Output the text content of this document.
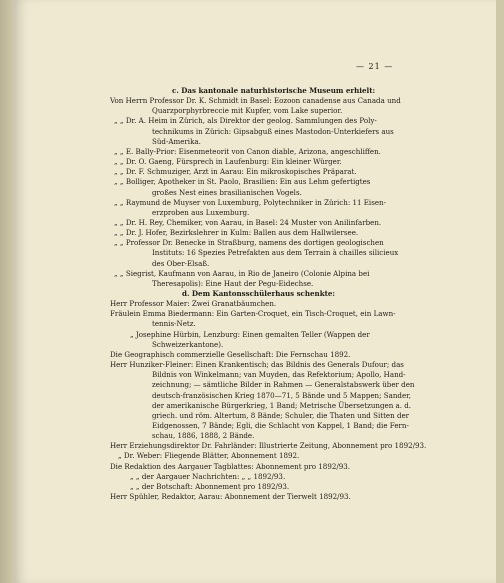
— 21 —
c. Das kantonale naturhistorische Museum erhielt:
Von Herrn Professor Dr. K. Schmidt in Basel: Eozoon canadense aus Canada und
Quarzporphyrbreccie mit Kupfer, vom Lake superior.
„ „ Dr. A. Heim in Zürich, als Direktor der geolog. Sammlungen des Poly-
technikums in Zürich: Gipsabguß eines Mastodon-Unterkiefers aus
Süd-Amerika.
„ „ E. Bally-Prior: Eisenmeteorit von Canon diable, Arizona, angeschliffen.
„ „ Dr. O. Gaeng, Fürsprech in Laufenburg: Ein kleiner Würger.
„ „ Dr. F. Schmuziger, Arzt in Aarau: Ein mikroskopisches Präparat.
„ „ Bolliger, Apotheker in St. Paolo, Brasilien: Ein aus Lehm gefertigtes
großes Nest eines brasilianischen Vogels.
„ „ Raymund de Muyser von Luxemburg, Polytechniker in Zürich: 11 Eisen-
erzproben aus Luxemburg.
„ „ Dr. H. Rey, Chemiker, von Aarau, in Basel: 24 Muster von Anilinfarben.
„ „ Dr. J. Hofer, Bezirkslehrer in Kulm: Ballen aus dem Hallwilersee.
„ „ Professor Dr. Benecke in Straßburg, namens des dortigen geologischen
Instituts: 16 Spezies Petrefakten aus dem Terrain à chailles silicieux
des Ober-Elsaß.
„ „ Siegrist, Kaufmann von Aarau, in Rio de Janeiro (Colonie Alpina bei
Theresapolis): Eine Haut der Pegu-Eidechse.
d. Dem Kantonsschülerhaus schenkte:
Herr Professor Maier: Zwei Granatbäumchen.
Fräulein Emma Biedermann: Ein Garten-Croquet, ein Tisch-Croquet, ein Lawn-
tennis-Netz.
„ Josephine Hürbin, Lenzburg: Einen gemalten Teller (Wappen der
Schweizerkantone).
Die Geographisch commerzielle Gesellschaft: Die Fernschau 1892.
Herr Hunziker-Fleiner: Einen Krankentisch; das Bildnis des Generals Dufour; das
Bildnis von Winkelmann; van Muyden, das Refektorium; Apollo, Hand-
zeichnung; — sämtliche Bilder in Rahmen — Generalstabswerk über den
deutsch-französischen Krieg 1870—71, 5 Bände und 5 Mappen; Sander,
der amerikanische Bürgerkrieg, 1 Band; Metrische Übersetzungen a. d.
griech. und röm. Altertum, 8 Bände; Schuler, die Thaten und Sitten der
Eidgenossen, 7 Bände; Egli, die Schlacht von Kappel, 1 Band; die Fern-
schau, 1886, 1888, 2 Bände.
Herr Erziehungsdirektor Dr. Fahrländer: Illustrierte Zeitung, Abonnement pro 1892/93.
„ Dr. Weber: Fliegende Blätter, Abonnement 1892.
Die Redaktion des Aargauer Tagblattes: Abonnement pro 1892/93.
„ „ der Aargauer Nachrichten: „ „ 1892/93.
„ „ der Botschaft: Abonnement pro 1892/93.
Herr Spühler, Redaktor, Aarau: Abonnement der Tierwelt 1892/93.
